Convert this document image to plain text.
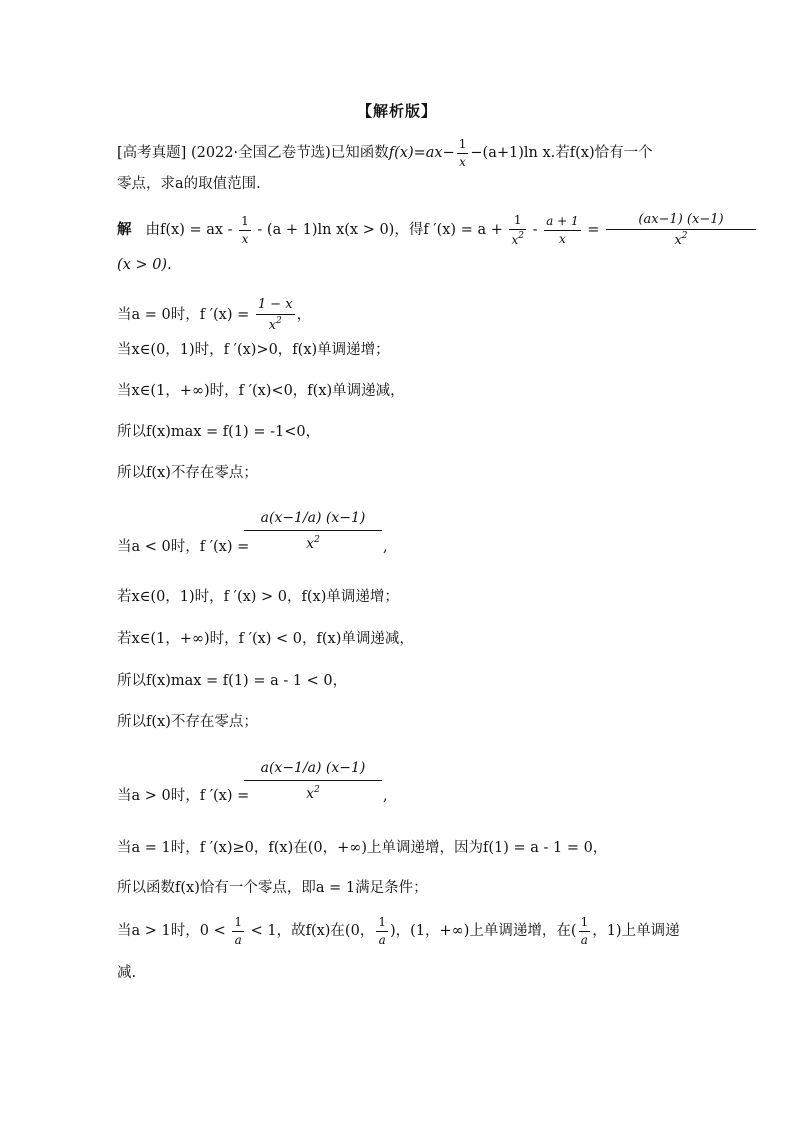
【解析版】
[高考真题] (2022·全国乙卷节选)已知函数$f(x)=ax- \frac{1}{x} -(a+1)\ln$ x.若f(x)恰有一个
零点，求a的取值范围.
解 由f(x) = ax - $\frac{1}{x} - (a + 1)\ln$ x(x > 0)，得f $'(x) = a + \frac{1}{x^2} - \frac{a + 1}{x} = \frac{(ax-1) (x-1)}{x^2}$
(x > 0).
当a = 0时，f $'(x) = \frac{1 - x}{x^2}$ ，
当x∈(0，1)时，f ′(x)>0，f(x)单调递增；
当x∈(1，+∞)时，f ′(x)<0，f(x)单调递减，
所以f(x)max = f(1) = -1<0，
所以f(x)不存在零点；
当a < 0时，f ′(x) =
a(x−1/a) (x−1)
$x^2$	,
若x∈(0，1)时，f ′(x) > 0，f(x)单调递增；
若x∈(1，+∞)时，f ′(x) < 0，f(x)单调递减，
所以f(x)max = f(1) = a - 1 < 0，
所以f(x)不存在零点；
当a > 0时，f ′(x) =
a(x−1/a) (x−1)
$x^2$	,
当a = 1时，f ′(x)≥0，f(x)在(0，+∞)上单调递增，因为f(1) = a - 1 = 0，
所以函数f(x)恰有一个零点，即a = 1满足条件；
当a > 1时，$0 < \frac{1}{a} < 1$，故f(x)在(0， $\frac{1}{a}$ )，(1，+∞)上单调递增，在( $\frac{1}{a}$ ，1)上单调递
减.
